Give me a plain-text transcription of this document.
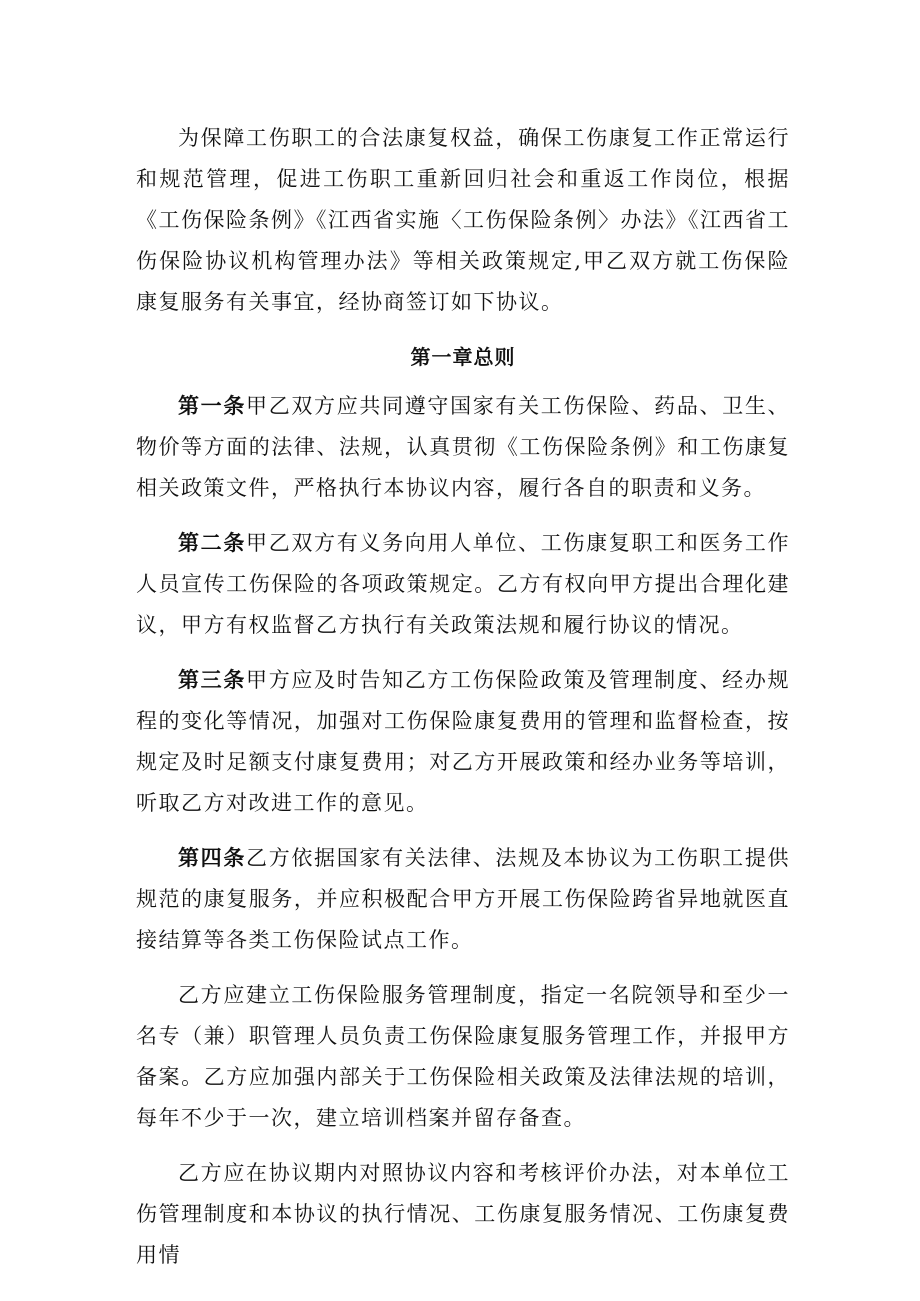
为保障工伤职工的合法康复权益，确保工伤康复工作正常运行和规范管理，促进工伤职工重新回归社会和重返工作岗位，根据《工伤保险条例》《江西省实施〈工伤保险条例〉办法》《江西省工伤保险协议机构管理办法》等相关政策规定,甲乙双方就工伤保险康复服务有关事宜，经协商签订如下协议。

第一章总则

第一条甲乙双方应共同遵守国家有关工伤保险、药品、卫生、物价等方面的法律、法规，认真贯彻《工伤保险条例》和工伤康复相关政策文件，严格执行本协议内容，履行各自的职责和义务。

第二条甲乙双方有义务向用人单位、工伤康复职工和医务工作人员宣传工伤保险的各项政策规定。乙方有权向甲方提出合理化建议，甲方有权监督乙方执行有关政策法规和履行协议的情况。

第三条甲方应及时告知乙方工伤保险政策及管理制度、经办规程的变化等情况，加强对工伤保险康复费用的管理和监督检查，按规定及时足额支付康复费用；对乙方开展政策和经办业务等培训，听取乙方对改进工作的意见。

第四条乙方依据国家有关法律、法规及本协议为工伤职工提供规范的康复服务，并应积极配合甲方开展工伤保险跨省异地就医直接结算等各类工伤保险试点工作。

乙方应建立工伤保险服务管理制度，指定一名院领导和至少一名专（兼）职管理人员负责工伤保险康复服务管理工作，并报甲方备案。乙方应加强内部关于工伤保险相关政策及法律法规的培训，每年不少于一次，建立培训档案并留存备查。

乙方应在协议期内对照协议内容和考核评价办法，对本单位工伤管理制度和本协议的执行情况、工伤康复服务情况、工伤康复费用情
